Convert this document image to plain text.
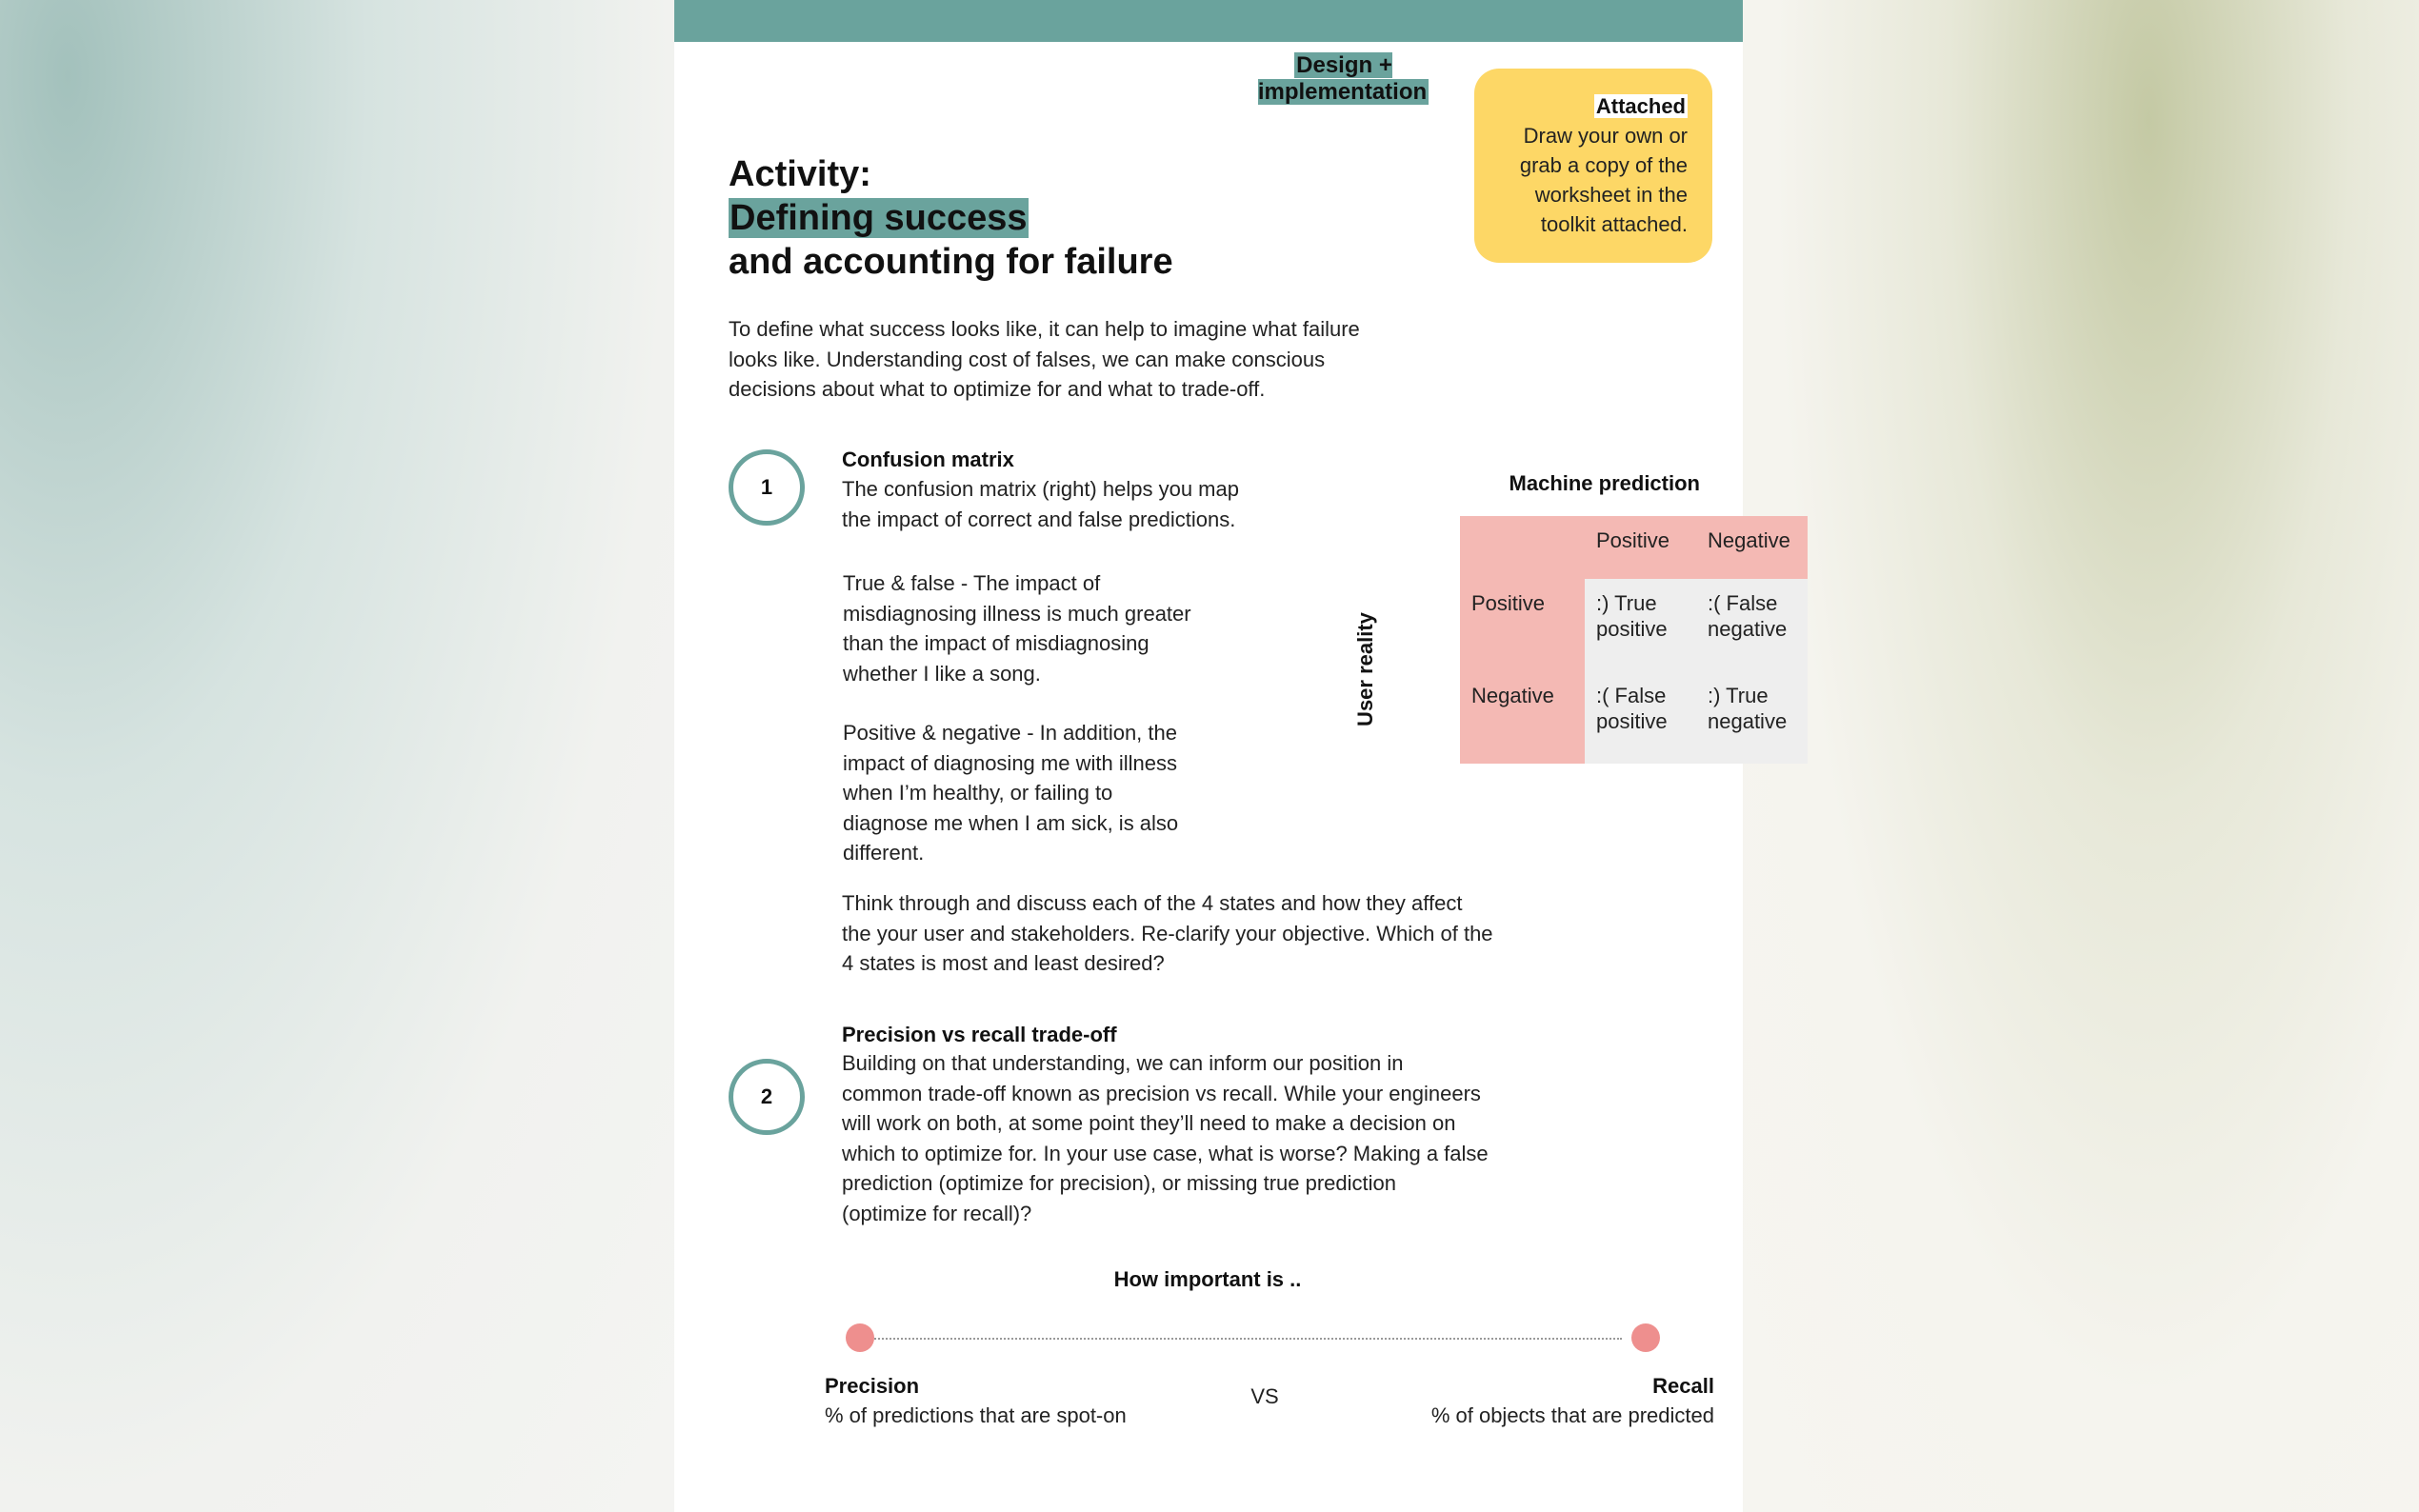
Design + implementation
Attached
Draw your own or
grab a copy of the
worksheet in the
toolkit attached.
Activity:
Defining success
and accounting for failure
To define what success looks like, it can help to imagine what failure
looks like. Understanding cost of falses, we can make conscious
decisions about what to optimize for and what to trade-off.
1
Confusion matrix
The confusion matrix (right) helps you map
the impact of correct and false predictions.
True & false - The impact of
misdiagnosing illness is much greater
than the impact of misdiagnosing
whether I like a song.
Positive & negative - In addition, the
impact of diagnosing me with illness
when I’m healthy, or failing to
diagnose me when I am sick, is also
different.
Think through and discuss each of the 4 states and how they affect
the your user and stakeholders. Re-clarify your objective. Which of the
4 states is most and least desired?
Machine prediction
User reality
Positive
Negative
Positive	Negative
:) True
positive
:( False
negative
:( False
positive
:) True
negative
2
Precision vs recall trade-off
Building on that understanding, we can inform our position in
common trade-off known as precision vs recall. While your engineers
will work on both, at some point they’ll need to make a decision on
which to optimize for. In your use case, what is worse? Making a false
prediction (optimize for precision), or missing true prediction
(optimize for recall)?
How important is ..
Precision
% of predictions that are spot-on
VS	Recall
% of objects that are predicted
